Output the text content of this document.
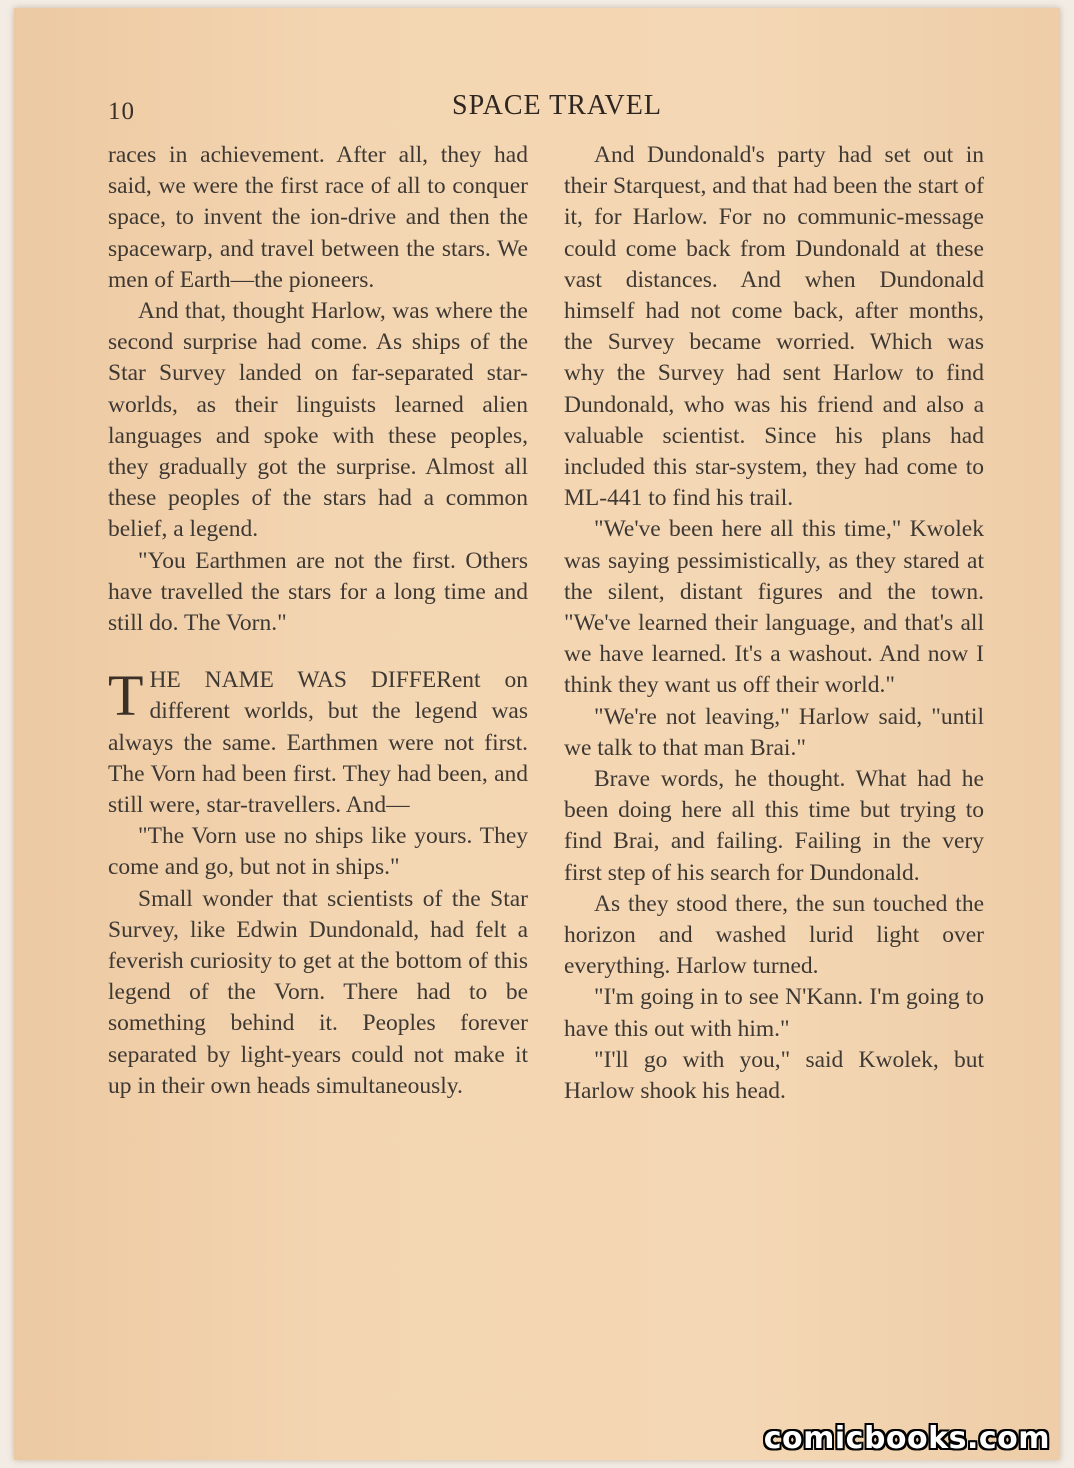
10	SPACE TRAVEL

races in achievement. After all, they had said, we were the first race of all to conquer space, to invent the ion-drive and then the spacewarp, and travel between the stars. We men of Earth—the pioneers.

And that, thought Harlow, was where the second surprise had come. As ships of the Star Survey landed on far-separated star-worlds, as their linguists learned alien languages and spoke with these peoples, they gradually got the surprise. Almost all these peoples of the stars had a common belief, a legend.

"You Earthmen are not the first. Others have travelled the stars for a long time and still do. The Vorn."

THE NAME WAS DIFFERent on different worlds, but the legend was always the same. Earthmen were not first. The Vorn had been first. They had been, and still were, star-travellers. And—

"The Vorn use no ships like yours. They come and go, but not in ships."

Small wonder that scientists of the Star Survey, like Edwin Dundonald, had felt a feverish curiosity to get at the bottom of this legend of the Vorn. There had to be something behind it. Peoples forever separated by light-years could not make it up in their own heads simultaneously.

And Dundonald's party had set out in their Starquest, and that had been the start of it, for Harlow. For no communic-message could come back from Dundonald at these vast distances. And when Dundonald himself had not come back, after months, the Survey became worried. Which was why the Survey had sent Harlow to find Dundonald, who was his friend and also a valuable scientist. Since his plans had included this star-system, they had come to ML-441 to find his trail.

"We've been here all this time," Kwolek was saying pessimistically, as they stared at the silent, distant figures and the town. "We've learned their language, and that's all we have learned. It's a washout. And now I think they want us off their world."

"We're not leaving," Harlow said, "until we talk to that man Brai."

Brave words, he thought. What had he been doing here all this time but trying to find Brai, and failing. Failing in the very first step of his search for Dundonald.

As they stood there, the sun touched the horizon and washed lurid light over everything. Harlow turned.

"I'm going in to see N'Kann. I'm going to have this out with him."

"I'll go with you," said Kwolek, but Harlow shook his head.

comicbooks.com
